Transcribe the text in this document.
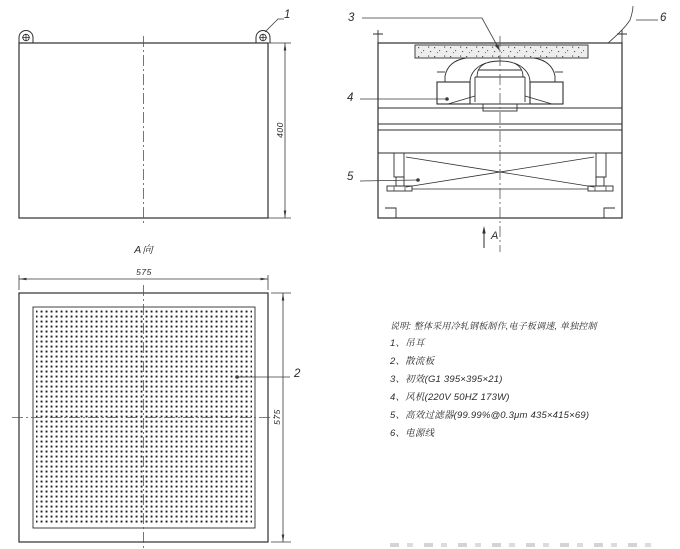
1	3	6
4
5
2
A
A向
575
575
400
说明: 整体采用冷轧钢板制作,电子板调速, 单独控制
1、吊耳
2、散流板
3、初效(G1 395×395×21)
4、风机(220V 50HZ 173W)
5、高效过滤器(99.99%@0.3μm 435×415×69)
6、电源线
